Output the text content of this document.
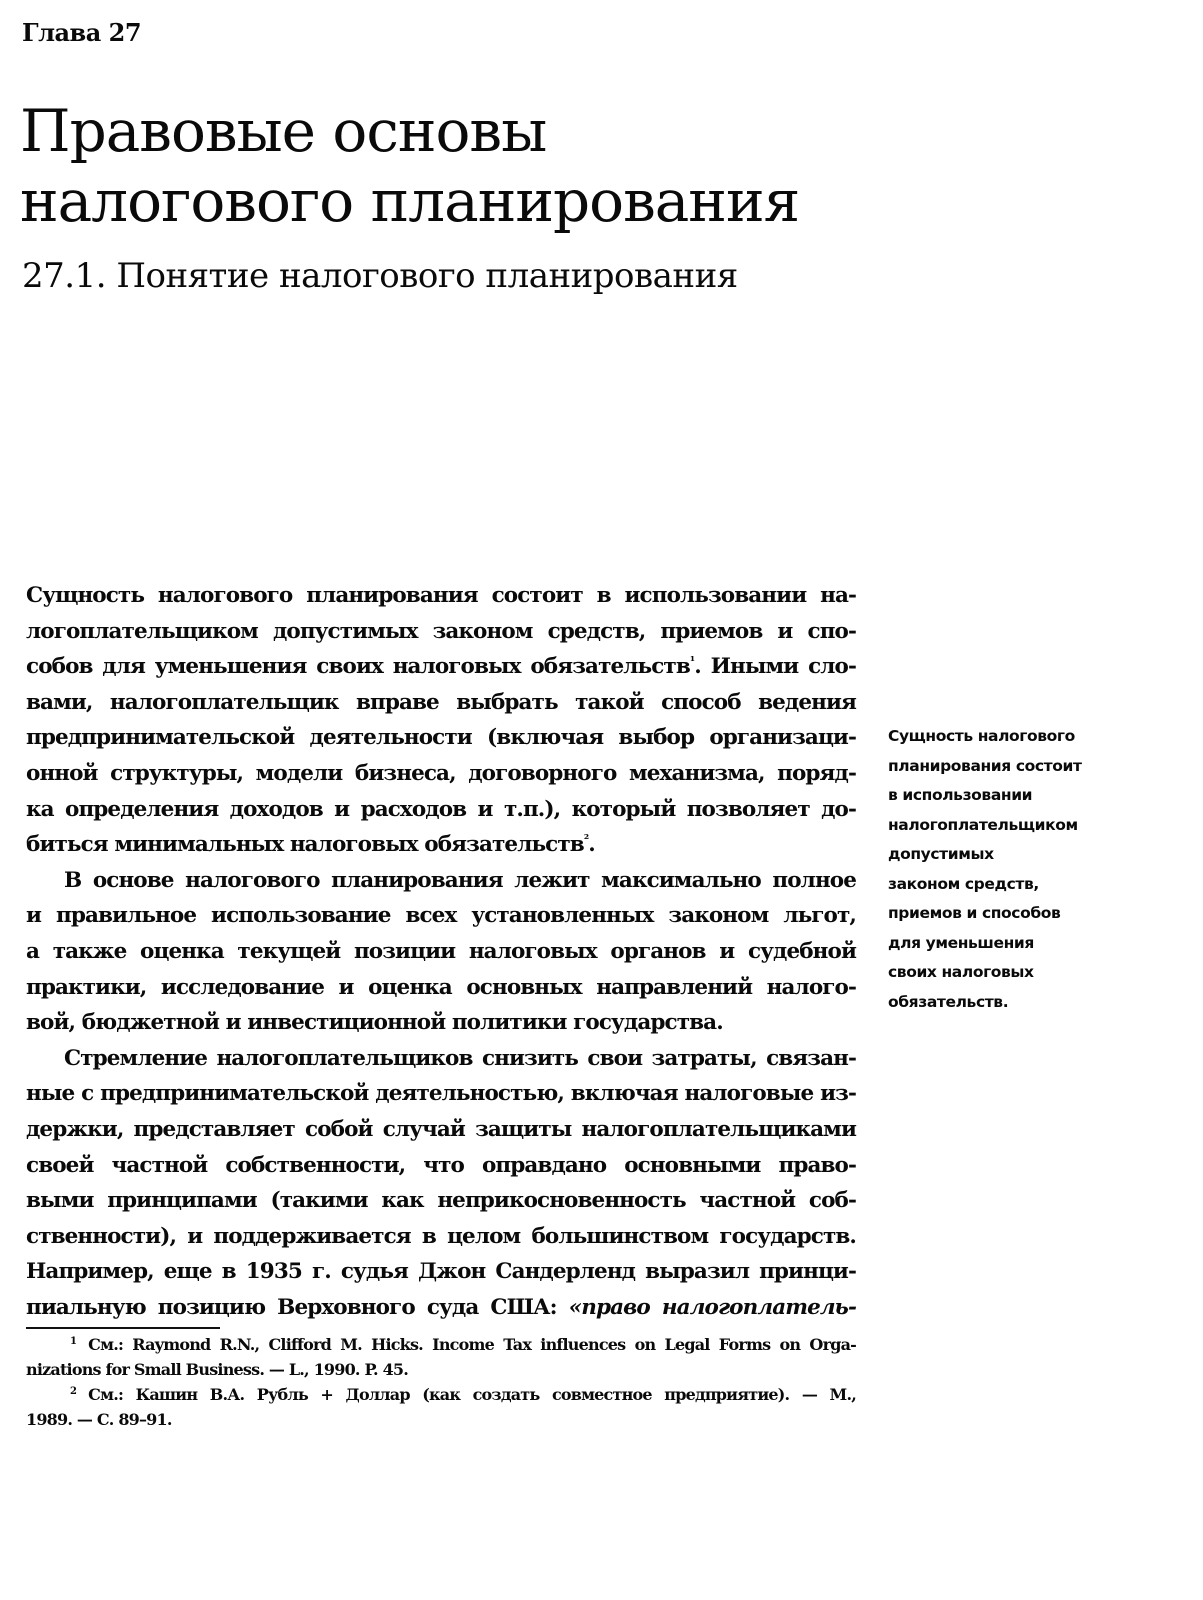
Глава 27
Правовые основы
налогового планирования
27.1. Понятие налогового планирования
Сущность налогового планирования состоит в использовании на-
логоплательщиком допустимых законом средств, приемов и спо-
собов для уменьшения своих налоговых обязательств$^{^1}$. Иными сло-
вами, налогоплательщик вправе выбрать такой способ ведения
предпринимательской деятельности (включая выбор организаци-
онной структуры, модели бизнеса, договорного механизма, поряд-
ка определения доходов и расходов и т.п.), который позволяет до-
биться минимальных налоговых обязательств$^{^2}$.
В основе налогового планирования лежит максимально полное
и правильное использование всех установленных законом льгот,
а также оценка текущей позиции налоговых органов и судебной
практики, исследование и оценка основных направлений налого-
вой, бюджетной и инвестиционной политики государства.
Стремление налогоплательщиков снизить свои затраты, связан-
ные с предпринимательской деятельностью, включая налоговые из-
держки, представляет собой случай защиты налогоплательщиками
своей частной собственности, что оправдано основными право-
выми принципами (такими как неприкосновенность частной соб-
ственности), и поддерживается в целом большинством государств.
Например, еще в 1935 г. судья Джон Сандерленд выразил принци-
пиальную позицию Верховного суда США: «право налогоплатель-
Сущность налогового
планирования состоит
в использовании
налогоплательщиком
допустимых
законом средств,
приемов и способов
для уменьшения
своих налоговых
обязательств.
$^1$ См.: Raymond R.N., Clifford M. Hicks. Income Tax influences on Legal Forms on Orga-
nizations for Small Business. — L., 1990. P. 45.
$^2$ См.: Кашин В.А. Рубль + Доллар (как создать совместное предприятие). — М.,
1989. — С. 89–91.
